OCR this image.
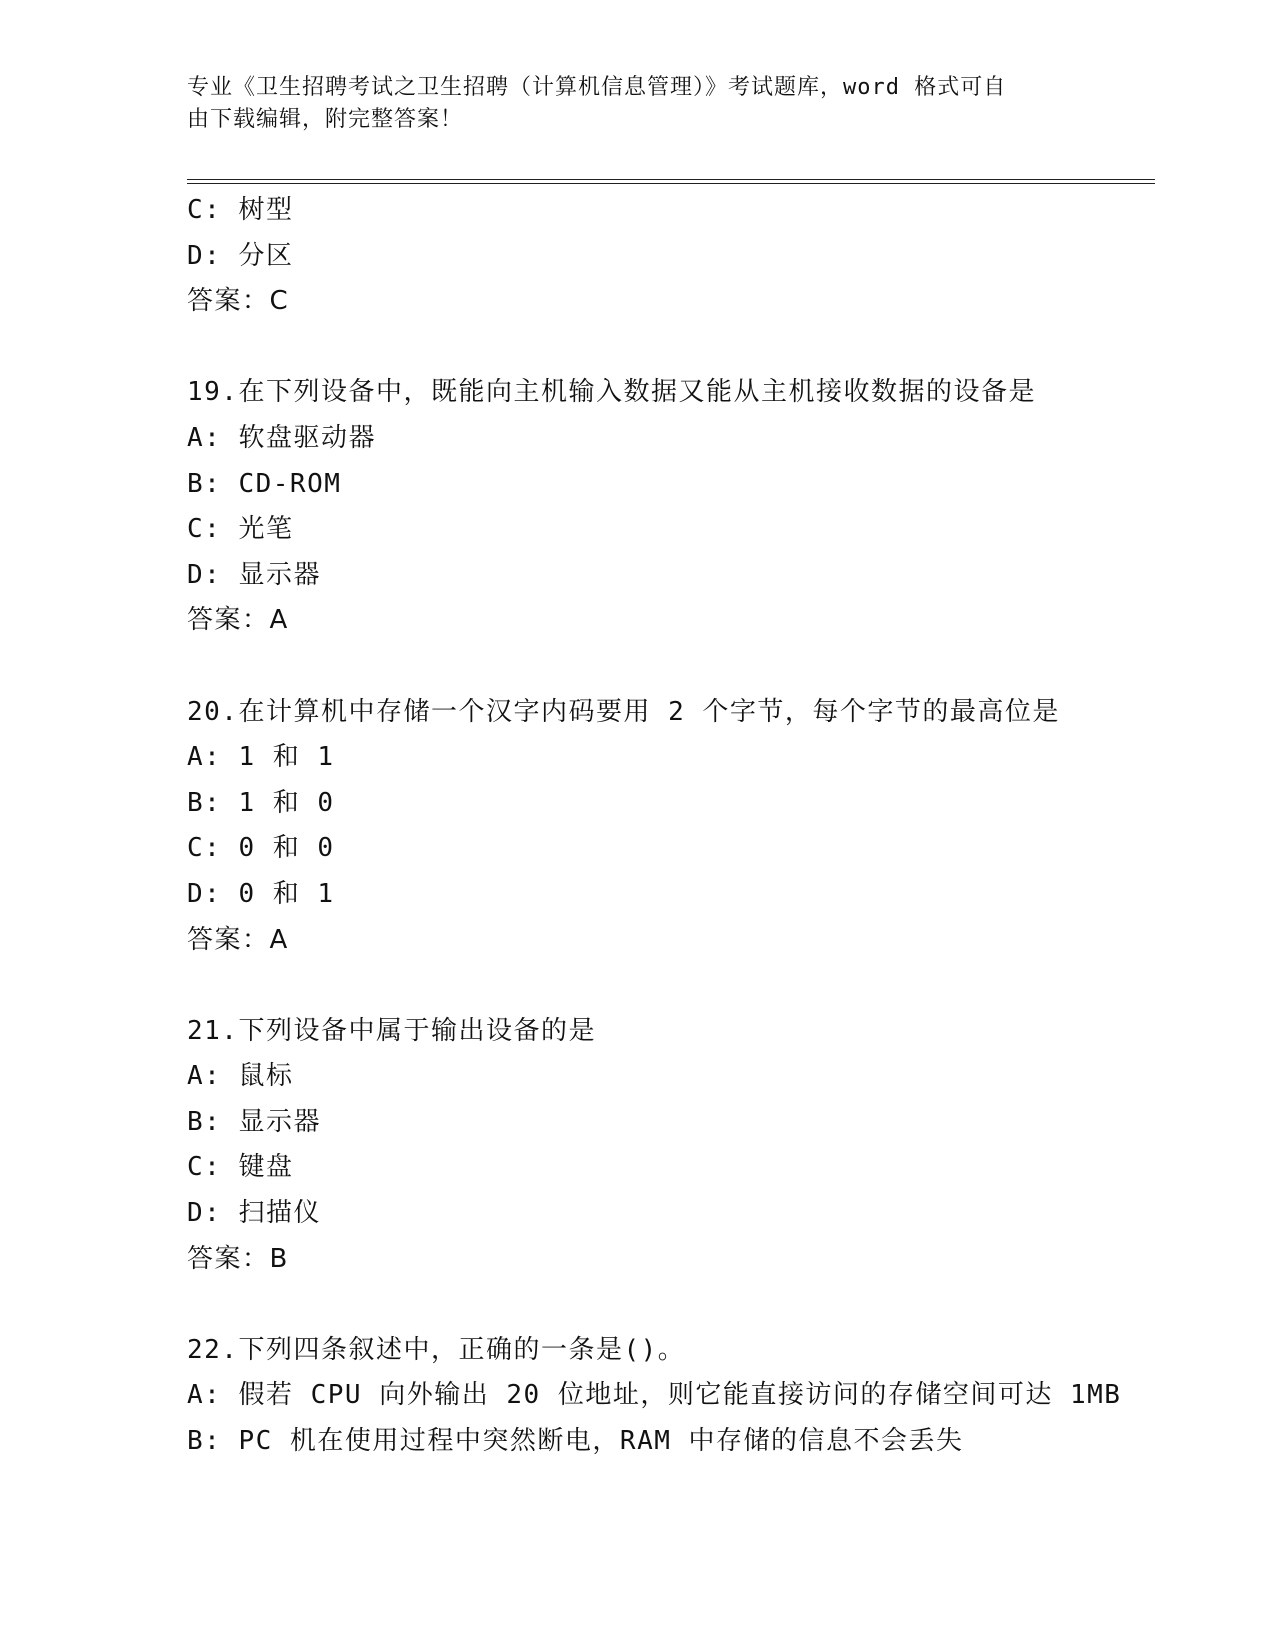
专业《卫生招聘考试之卫生招聘（计算机信息管理）》考试题库，word 格式可自
由下载编辑，附完整答案！
C: 树型
D: 分区
答案：C
19.在下列设备中，既能向主机输入数据又能从主机接收数据的设备是
A: 软盘驱动器
B: CD-ROM
C: 光笔
D: 显示器
答案：A
20.在计算机中存储一个汉字内码要用 2 个字节，每个字节的最高位是
A: 1 和 1
B: 1 和 0
C: 0 和 0
D: 0 和 1
答案：A
21.下列设备中属于输出设备的是
A: 鼠标
B: 显示器
C: 键盘
D: 扫描仪
答案：B
22.下列四条叙述中，正确的一条是()。
A: 假若 CPU 向外输出 20 位地址，则它能直接访问的存储空间可达 1MB
B: PC 机在使用过程中突然断电，RAM 中存储的信息不会丢失
